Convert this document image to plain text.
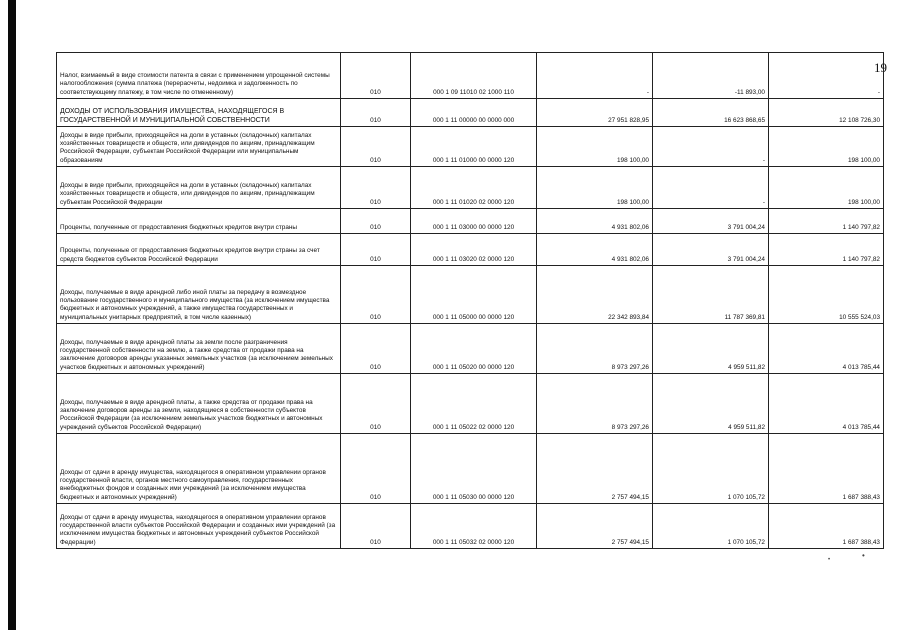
19
•
•
Налог, взимаемый в виде стоимости патента в связи с применением упрощенной системы налогообложения (сумма платежа (перерасчеты, недоимка и задолженность по соответствующему платежу, в том числе по отмененному)	010	000 1 09 11010 02 1000 110	-	-11 893,00	-
ДОХОДЫ ОТ ИСПОЛЬЗОВАНИЯ ИМУЩЕСТВА, НАХОДЯЩЕГОСЯ В ГОСУДАРСТВЕННОЙ И МУНИЦИПАЛЬНОЙ СОБСТВЕННОСТИ	010	000 1 11 00000 00 0000 000	27 951 828,95	16 623 868,65	12 108 726,30
Доходы в виде прибыли, приходящейся на доли в уставных (складочных) капиталах хозяйственных товариществ и обществ, или дивидендов по акциям, принадлежащим Российской Федерации, субъектам Российской Федерации или муниципальным образованиям	010	000 1 11 01000 00 0000 120	198 100,00	-	198 100,00
Доходы в виде прибыли, приходящейся на доли в уставных (складочных) капиталах хозяйственных товариществ и обществ, или дивидендов по акциям, принадлежащим субъектам Российской Федерации	010	000 1 11 01020 02 0000 120	198 100,00	-	198 100,00
Проценты, полученные от предоставления бюджетных кредитов внутри страны	010	000 1 11 03000 00 0000 120	4 931 802,06	3 791 004,24	1 140 797,82
Проценты, полученные от предоставления бюджетных кредитов внутри страны за счет средств бюджетов субъектов Российской Федерации	010	000 1 11 03020 02 0000 120	4 931 802,06	3 791 004,24	1 140 797,82
Доходы, получаемые в виде арендной либо иной платы за передачу в возмездное пользование государственного и муниципального имущества (за исключением имущества бюджетных и автономных учреждений, а также имущества государственных и муниципальных унитарных предприятий, в том числе казенных)	010	000 1 11 05000 00 0000 120	22 342 893,84	11 787 369,81	10 555 524,03
Доходы, получаемые в виде арендной платы за земли после разграничения государственной собственности на землю, а также средства от продажи права на заключение договоров аренды указанных земельных участков (за исключением земельных участков бюджетных и автономных учреждений)	010	000 1 11 05020 00 0000 120	8 973 297,26	4 959 511,82	4 013 785,44
Доходы, получаемые в виде арендной платы, а также средства от продажи права на заключение договоров аренды за земли, находящиеся в собственности субъектов Российской Федерации (за исключением земельных участков бюджетных и автономных учреждений субъектов Российской Федерации)	010	000 1 11 05022 02 0000 120	8 973 297,26	4 959 511,82	4 013 785,44
Доходы от сдачи в аренду имущества, находящегося в оперативном управлении органов государственной власти, органов местного самоуправления, государственных внебюджетных фондов и созданных ими учреждений (за исключением имущества бюджетных и автономных учреждений)	010	000 1 11 05030 00 0000 120	2 757 494,15	1 070 105,72	1 687 388,43
Доходы от сдачи в аренду имущества, находящегося в оперативном управлении органов государственной власти субъектов Российской Федерации и созданных ими учреждений (за исключением имущества бюджетных и автономных учреждений субъектов Российской Федерации)	010	000 1 11 05032 02 0000 120	2 757 494,15	1 070 105,72	1 687 388,43
